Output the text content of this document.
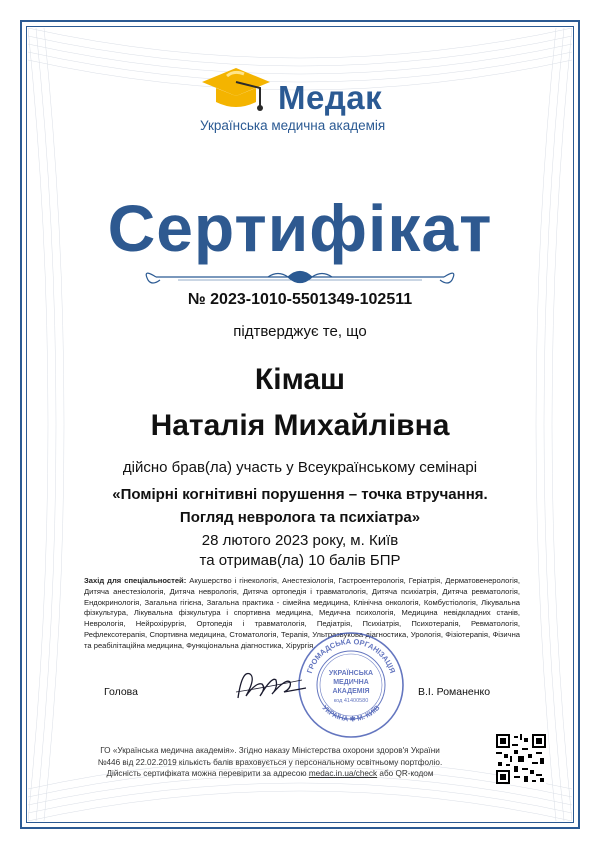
Медак
Українська медична академія
Сертифікат
№ 2023-1010-5501349-102511
підтверджує те, що
Кімаш
Наталія Михайлівна
дійсно брав(ла) участь у Всеукраїнському семінарі
«Помірні когнітивні порушення – точка втручання.
Погляд невролога та психіатра»
28 лютого 2023 року, м. Київ
та отримав(ла) 10 балів БПР
Захід для спеціальностей: Акушерство і гінекологія, Анестезіологія, Гастроентерологія, Геріатрія, Дерматовенерологія, Дитяча анестезіологія, Дитяча неврологія, Дитяча ортопедія і травматологія, Дитяча психіатрія, Дитяча ревматологія, Ендокринологія, Загальна гігієна, Загальна практика - сімейна медицина, Клінічна онкологія, Комбустіологія, Лікувальна фізкультура, Лікувальна фізкультура і спортивна медицина, Медична психологія, Медицина невідкладних станів, Неврологія, Нейрохірургія, Ортопедія і травматологія, Педіатрія, Психіатрія, Психотерапія, Ревматологія, Рефлексотерапія, Спортивна медицина, Стоматологія, Терапія, Ультразвукова діагностика, Урологія, Фізіотерапія, Фізична та реабілітаційна медицина, Функціональна діагностика, Хірургія.
ГРОМАДСЬКА ОРГАНІЗАЦІЯ
УКРАЇНСЬКА
МЕДИЧНА
АКАДЕМІЯ
код 41400580
УКРАЇНА ✱ М. КИЇВ
Голова	В.І. Романенко
ГО «Українська медична академія». Згідно наказу Міністерства охорони здоров'я України
№446 від 22.02.2019 кількість балів враховується у персональному освітньому портфоліо.
Дійсність сертифіката можна перевірити за адресою medac.in.ua/check або QR-кодом
